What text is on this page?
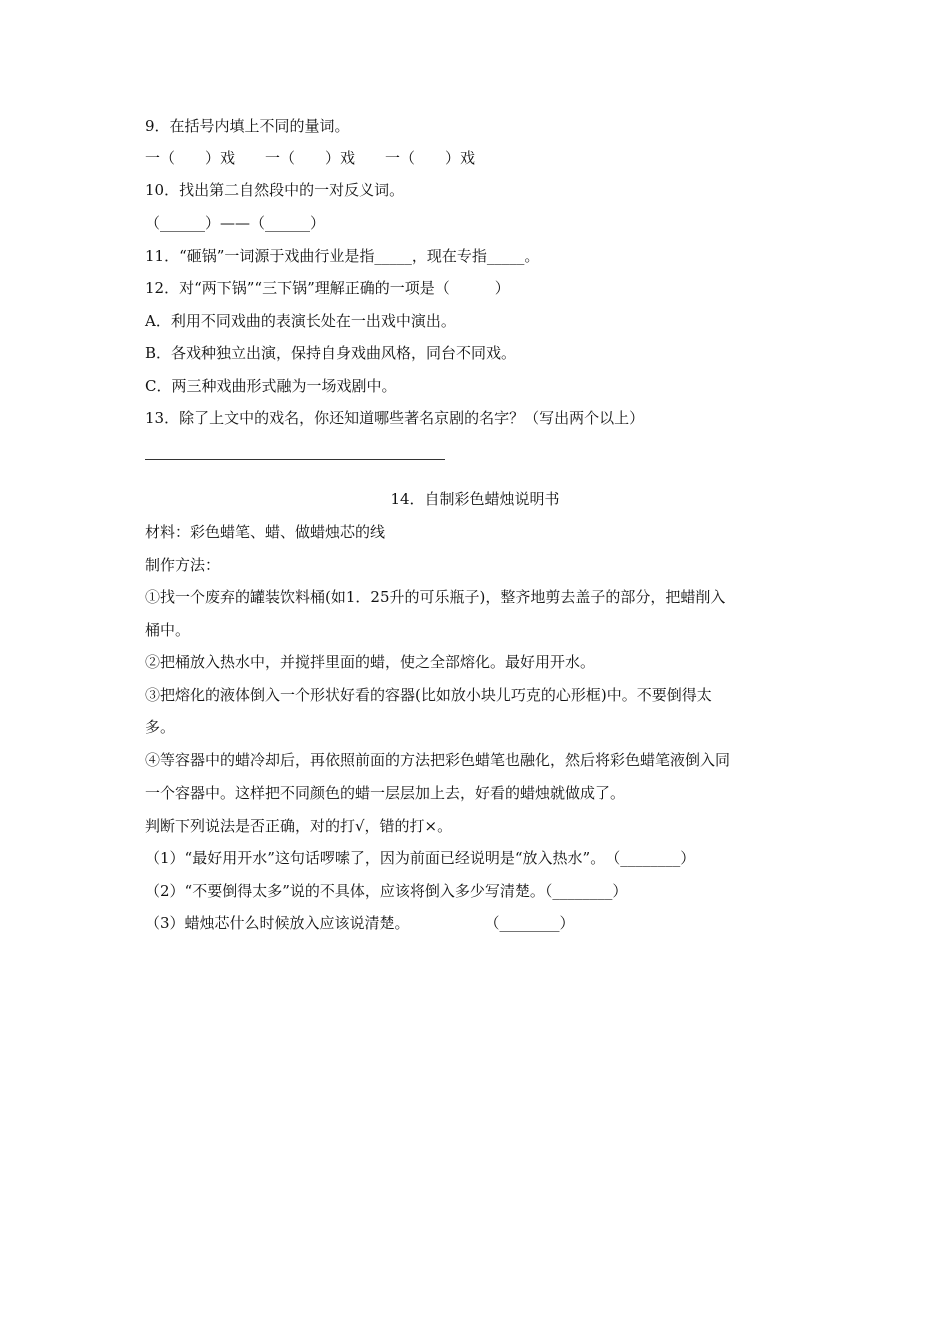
9．在括号内填上不同的量词。
一（　　）戏　　一（　　）戏　　一（　　）戏
10．找出第二自然段中的一对反义词。
（______）——（______）
11．“砸锅”一词源于戏曲行业是指_____，现在专指_____。
12．对“两下锅”“三下锅”理解正确的一项是（　　　）
A．利用不同戏曲的表演长处在一出戏中演出。
B．各戏种独立出演，保持自身戏曲风格，同台不同戏。
C．两三种戏曲形式融为一场戏剧中。
13．除了上文中的戏名，你还知道哪些著名京剧的名字？（写出两个以上）
14．自制彩色蜡烛说明书
材料：彩色蜡笔、蜡、做蜡烛芯的线
制作方法：
①找一个废弃的罐装饮料桶(如1．25升的可乐瓶子)，整齐地剪去盖子的部分，把蜡削入
桶中。
②把桶放入热水中，并搅拌里面的蜡，使之全部熔化。最好用开水。
③把熔化的液体倒入一个形状好看的容器(比如放小块儿巧克的心形框)中。不要倒得太
多。
④等容器中的蜡冷却后，再依照前面的方法把彩色蜡笔也融化，然后将彩色蜡笔液倒入同
一个容器中。这样把不同颜色的蜡一层层加上去，好看的蜡烛就做成了。
判断下列说法是否正确，对的打√，错的打×。
（1）“最好用开水”这句话啰嗦了，因为前面已经说明是“放入热水”。　（________）
（2）“不要倒得太多”说的不具体，应该将倒入多少写清楚。（________）
（3）蜡烛芯什么时候放入应该说清楚。　　　　　　（________）
